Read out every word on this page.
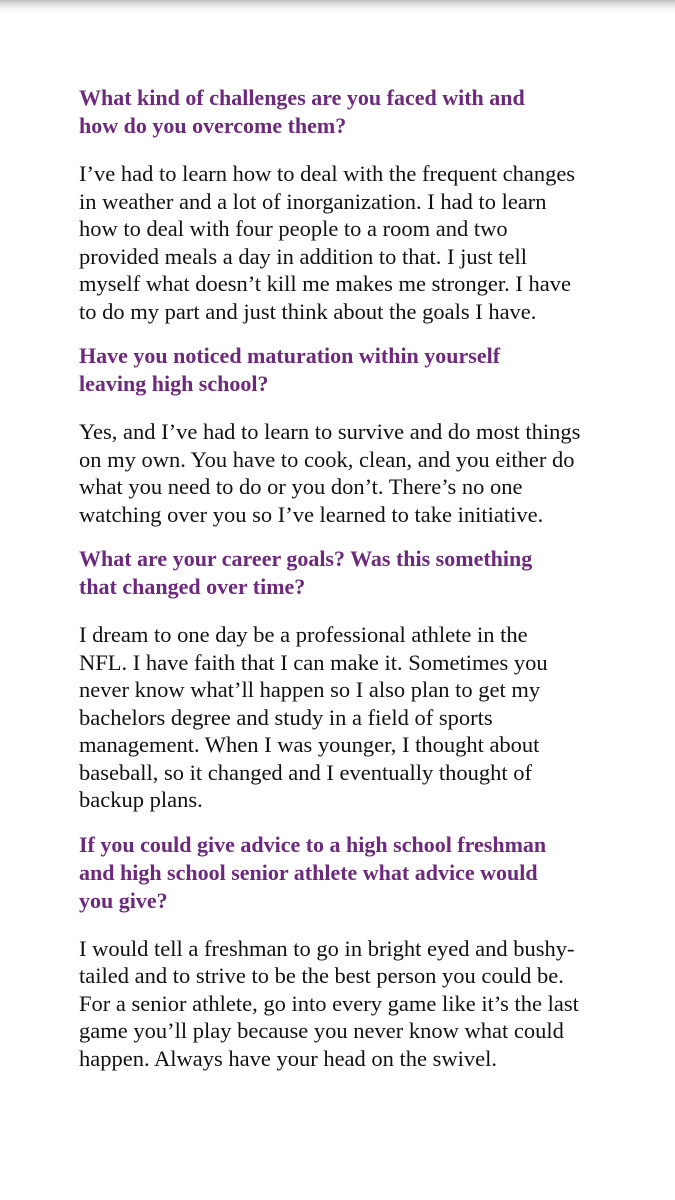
What kind of challenges are you faced with and
how do you overcome them?

I’ve had to learn how to deal with the frequent changes
in weather and a lot of inorganization. I had to learn
how to deal with four people to a room and two
provided meals a day in addition to that. I just tell
myself what doesn’t kill me makes me stronger. I have
to do my part and just think about the goals I have.

Have you noticed maturation within yourself
leaving high school?

Yes, and I’ve had to learn to survive and do most things
on my own. You have to cook, clean, and you either do
what you need to do or you don’t. There’s no one
watching over you so I’ve learned to take initiative.

What are your career goals? Was this something
that changed over time?

I dream to one day be a professional athlete in the
NFL. I have faith that I can make it. Sometimes you
never know what’ll happen so I also plan to get my
bachelors degree and study in a field of sports
management. When I was younger, I thought about
baseball, so it changed and I eventually thought of
backup plans.

If you could give advice to a high school freshman
and high school senior athlete what advice would
you give?

I would tell a freshman to go in bright eyed and bushy-
tailed and to strive to be the best person you could be.
For a senior athlete, go into every game like it’s the last
game you’ll play because you never know what could
happen. Always have your head on the swivel.
